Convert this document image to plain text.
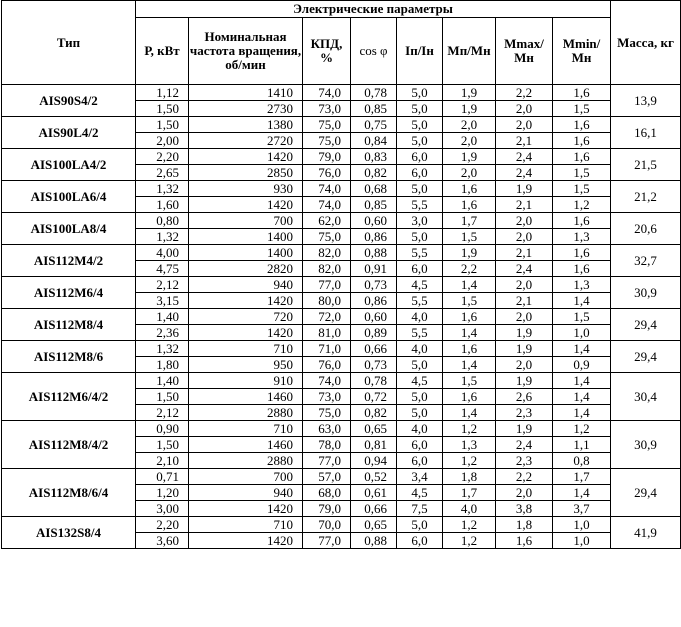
Тип	Электрические параметры								Масса, кг
	Р, кВт	Номинальная частота вращения, об/мин	КПД, %	cos φ	Iп/Iн	Мп/Мн	Мmax/ Мн	Мmin/ Мн	
AIS90S4/2	1,12	1410	74,0	0,78	5,0	1,9	2,2	1,6	13,9
	1,50	2730	73,0	0,85	5,0	1,9	2,0	1,5	
AIS90L4/2	1,50	1380	75,0	0,75	5,0	2,0	2,0	1,6	16,1
	2,00	2720	75,0	0,84	5,0	2,0	2,1	1,6	
AIS100LA4/2	2,20	1420	79,0	0,83	6,0	1,9	2,4	1,6	21,5
	2,65	2850	76,0	0,82	6,0	2,0	2,4	1,5	
AIS100LA6/4	1,32	930	74,0	0,68	5,0	1,6	1,9	1,5	21,2
	1,60	1420	74,0	0,85	5,5	1,6	2,1	1,2	
AIS100LA8/4	0,80	700	62,0	0,60	3,0	1,7	2,0	1,6	20,6
	1,32	1400	75,0	0,86	5,0	1,5	2,0	1,3	
AIS112M4/2	4,00	1400	82,0	0,88	5,5	1,9	2,1	1,6	32,7
	4,75	2820	82,0	0,91	6,0	2,2	2,4	1,6	
AIS112M6/4	2,12	940	77,0	0,73	4,5	1,4	2,0	1,3	30,9
	3,15	1420	80,0	0,86	5,5	1,5	2,1	1,4	
AIS112M8/4	1,40	720	72,0	0,60	4,0	1,6	2,0	1,5	29,4
	2,36	1420	81,0	0,89	5,5	1,4	1,9	1,0	
AIS112M8/6	1,32	710	71,0	0,66	4,0	1,6	1,9	1,4	29,4
	1,80	950	76,0	0,73	5,0	1,4	2,0	0,9	
AIS112M6/4/2	1,40	910	74,0	0,78	4,5	1,5	1,9	1,4	30,4
	1,50	1460	73,0	0,72	5,0	1,6	2,6	1,4	
	2,12	2880	75,0	0,82	5,0	1,4	2,3	1,4	
AIS112M8/4/2	0,90	710	63,0	0,65	4,0	1,2	1,9	1,2	30,9
	1,50	1460	78,0	0,81	6,0	1,3	2,4	1,1	
	2,10	2880	77,0	0,94	6,0	1,2	2,3	0,8	
AIS112M8/6/4	0,71	700	57,0	0,52	3,4	1,8	2,2	1,7	29,4
	1,20	940	68,0	0,61	4,5	1,7	2,0	1,4	
	3,00	1420	79,0	0,66	7,5	4,0	3,8	3,7	
AIS132S8/4	2,20	710	70,0	0,65	5,0	1,2	1,8	1,0	41,9
	3,60	1420	77,0	0,88	6,0	1,2	1,6	1,0	
